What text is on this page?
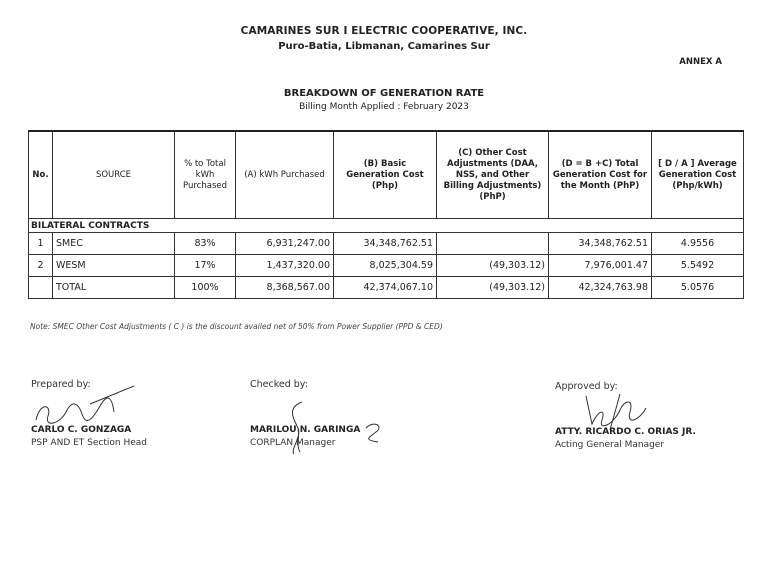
CAMARINES SUR I ELECTRIC COOPERATIVE, INC.
Puro-Batia, Libmanan, Camarines Sur
ANNEX A
BREAKDOWN OF GENERATION RATE
Billing Month Applied : February 2023
No.	SOURCE	% to Total kWh Purchased	(A) kWh Purchased	(B) Basic Generation Cost (Php)	(C) Other Cost Adjustments (DAA, NSS, and Other Billing Adjustments) (PhP)	(D = B +C) Total Generation Cost for the Month (PhP)	[ D / A ] Average Generation Cost (Php/kWh)
BILATERAL CONTRACTS							
1	SMEC	83%	6,931,247.00	34,348,762.51		34,348,762.51	4.9556
2	WESM	17%	1,437,320.00	8,025,304.59	(49,303.12)	7,976,001.47	5.5492
	TOTAL	100%	8,368,567.00	42,374,067.10	(49,303.12)	42,324,763.98	5.0576
Note: SMEC Other Cost Adjustments ( C ) is the discount availed net of 50% from Power Supplier (PPD & CED)
Prepared by:
CARLO C. GONZAGA
PSP AND ET Section Head
Checked by:
MARILOU N. GARINGA
CORPLAN Manager
Approved by:
ATTY. RICARDO C. ORIAS JR.
Acting General Manager
